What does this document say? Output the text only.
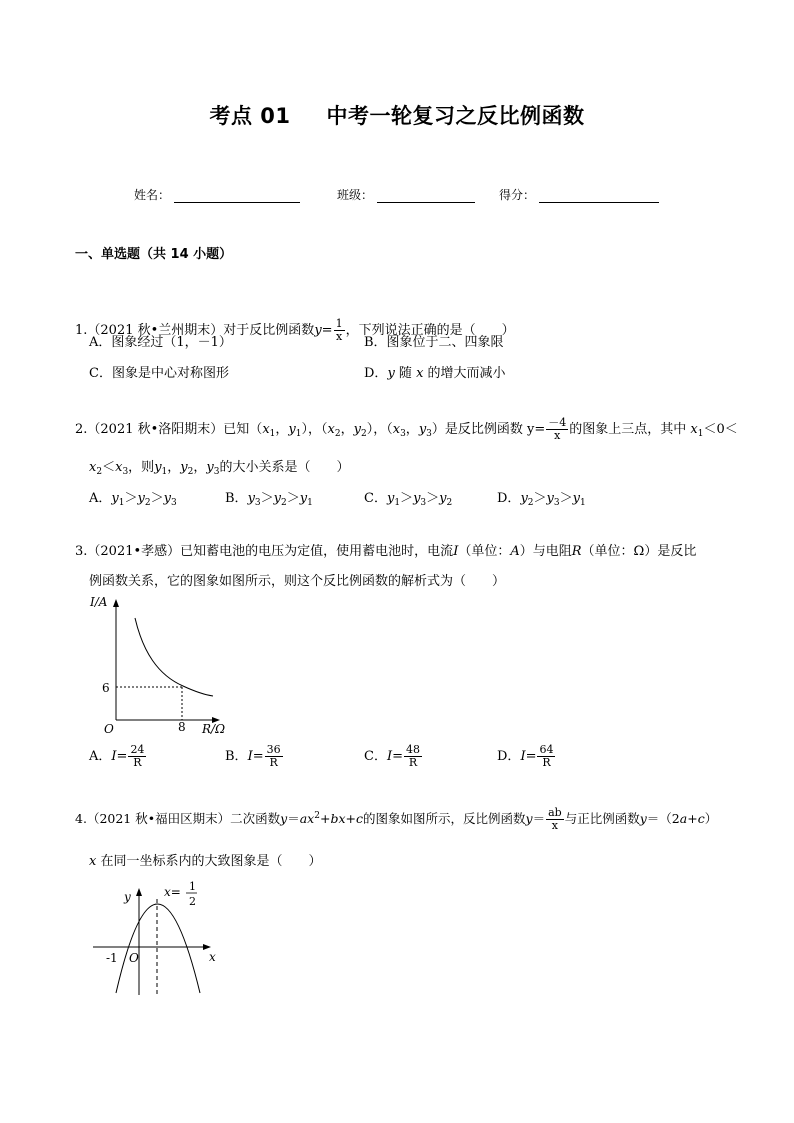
考点 01 中考一轮复习之反比例函数
姓名：	班级：	得分：
一、单选题（共 14 小题）
1.（2021 秋•兰州期末）对于反比例函数$y= \frac{1}{x}$ ，下列说法正确的是（　　）
A．图象经过（1，－1）	B．图象位于二、四象限
C．图象是中心对称图形	D．y 随 x 的增大而减小
2.（2021 秋•洛阳期末）已知（$x_1$，$y_1$），（$x_2$，$y_2$），（$x_3$，$y_3$）是反比例函数 $y= \frac{-4}{x}$ 的图象上三点，其中 $x_1<0<$
$x_2<x_3$，则$y_1$，$y_2$，$y_3$的大小关系是（　　）
A．$y_1>y_2>y_3$	B．$y_3>y_2>y_1$	C．$y_1>y_3>y_2$	D．$y_2>y_3>y_1$
3.（2021•孝感）已知蓄电池的电压为定值，使用蓄电池时，电流I（单位：A）与电阻R（单位：Ω）是反比
例函数关系，它的图象如图所示，则这个反比例函数的解析式为（　　）
I/A
R/Ω
O
6
8
A．$I= \frac{24}{R}$	B．$I= \frac{36}{R}$	C．$I= \frac{48}{R}$	D．$I= \frac{64}{R}$
4.（2021 秋•福田区期末）二次函数$y=ax^2+bx+c$的图象如图所示，反比例函数$y= \frac{ab}{x}$ 与正比例函数y＝（2a+c）
x 在同一坐标系内的大致图象是（　　）
y
x
O
-1
x= 1
2
